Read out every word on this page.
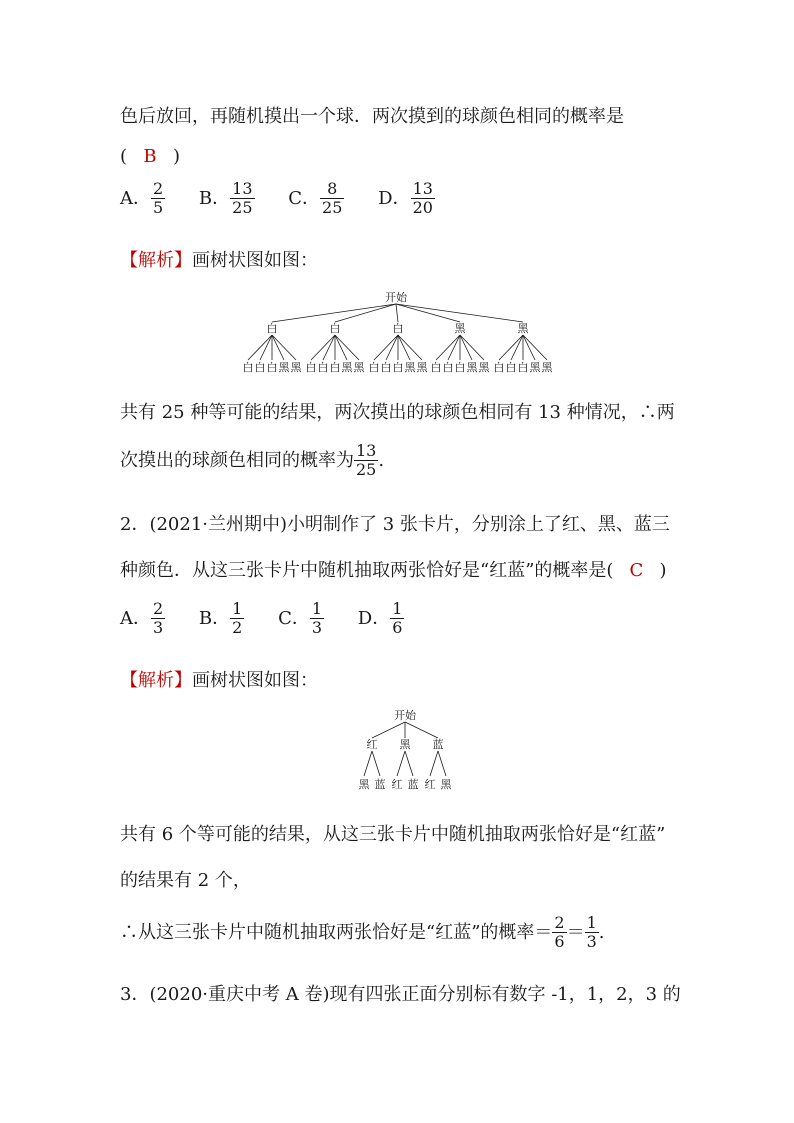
色后放回，再随机摸出一个球．两次摸到的球颜色相同的概率是
( B )
A． $\frac{2}{5}$ B． $\frac{13}{25}$ C． $\frac{8}{25}$ D． $\frac{13}{20}$
【解析】画树状图如图：
开始
白	白	白	黑	黑
白 白 白 黑 黑 白 白 白 黑 黑 白 白 白 黑 黑 白 白 白 黑 黑 白 白 白 黑 黑
共有 25 种等可能的结果，两次摸出的球颜色相同有 13 种情况，∴两
次摸出的球颜色相同的概率为 $\frac{13}{25}$ .
2．(2021·兰州期中)小明制作了 3 张卡片，分别涂上了红、黑、蓝三
种颜色．从这三张卡片中随机抽取两张恰好是“红蓝”的概率是( C )
A． $\frac{2}{3}$ B． $\frac{1}{2}$ C． $\frac{1}{3}$ D． $\frac{1}{6}$
【解析】画树状图如图：
开始
红 黑 蓝
黑 蓝 红 蓝 红 黑
共有 6 个等可能的结果，从这三张卡片中随机抽取两张恰好是“红蓝”
的结果有 2 个，
∴从这三张卡片中随机抽取两张恰好是“红蓝”的概率＝ $\frac{2}{6} = \frac{1}{3}$ .
3．(2020·重庆中考 A 卷)现有四张正面分别标有数字 -1，1，2，3 的
